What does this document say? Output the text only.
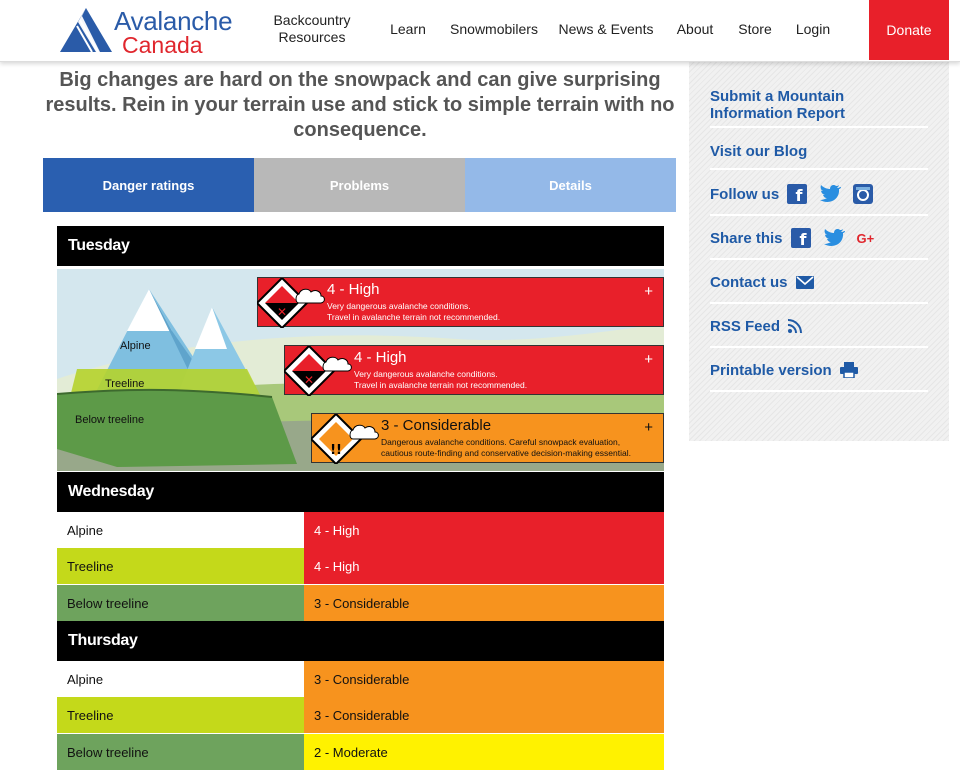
Avalanche
Canada
Backcountry
Resources
Learn	Snowmobilers News & Events	About	Store	Login	Donate
Big changes are hard on the snowpack and can give surprising results. Rein in your terrain use and stick to simple terrain with no consequence.
Danger ratings	Problems	Details
Tuesday
Alpine
Treeline
Below treeline
✕
4 - High
Very dangerous avalanche conditions.
Travel in avalanche terrain not recommended.
+
✕
4 - High
Very dangerous avalanche conditions.
Travel in avalanche terrain not recommended.
+
!!
3 - Considerable
Dangerous avalanche conditions. Careful snowpack evaluation,
cautious route-finding and conservative decision-making essential.
+
Wednesday
Alpine	4 - High
Treeline	4 - High
Below treeline	3 - Considerable
Thursday
Alpine	3 - Considerable
Treeline	3 - Considerable
Below treeline	2 - Moderate
Submit a Mountain
Information Report
Visit our Blog
Follow us f
Share this f	G+
Contact us
RSS Feed
Printable version
